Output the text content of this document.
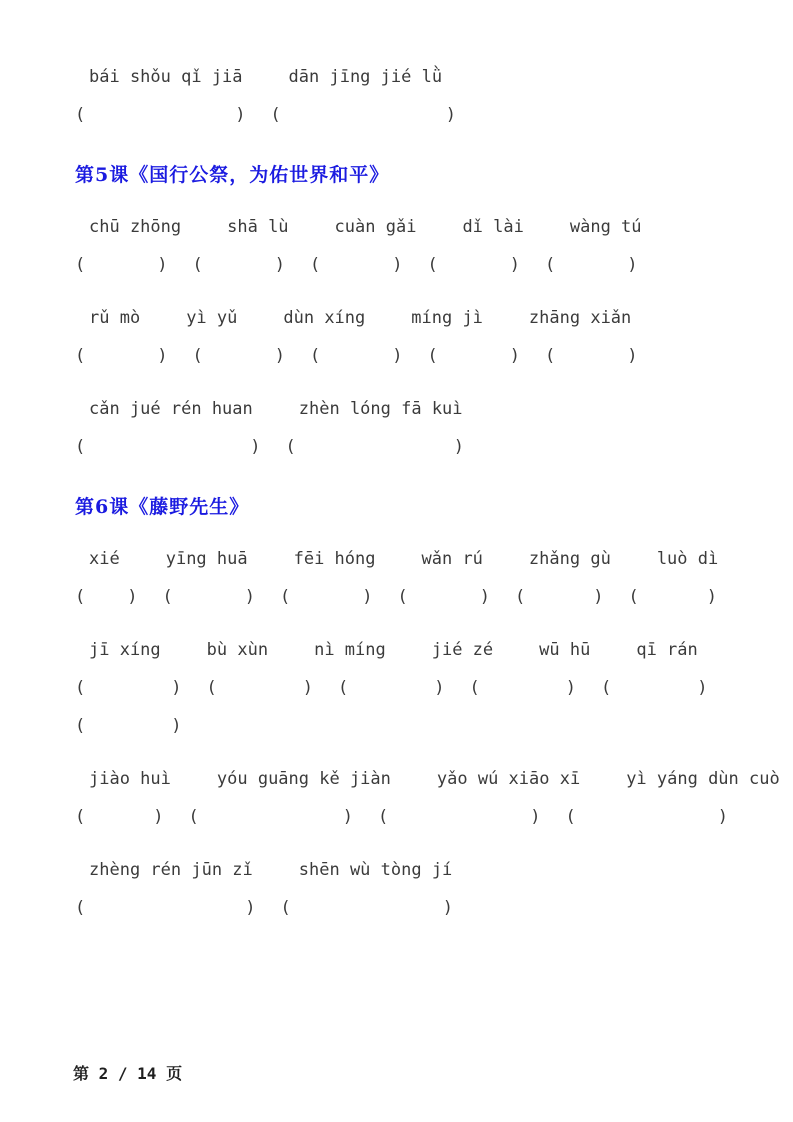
bái shǒu qǐ jiā	dān jīng jié lǜ
(	) (	)
第5课《国行公祭，为佑世界和平》
chū zhōng	shā lù	cuàn gǎi	dǐ lài	wàng tú
(	) (	) (	) (	) (	)
rǔ mò	yì yǔ	dùn xíng	míng jì	zhāng xiǎn
(	) (	) (	) (	) (	)
cǎn jué rén huan	zhèn lóng fā kuì
(	) (	)
第6课《藤野先生》
xié	yīng huā	fēi hóng	wǎn rú	zhǎng gù	luò dì
( ) (	) (	) (	) (	) (	)
jī xíng	bù xùn	nì míng	jié zé	wū hū	qī rán
(	) (	) (	) (	) (	)
(	)
jiào huì	yóu guāng kě jiàn	yǎo wú xiāo xī	yì yáng dùn cuò
(	) (	) (	) (	)
zhèng rén jūn zǐ	shēn wù tòng jí
(	) (	)
第 2 / 14 页
